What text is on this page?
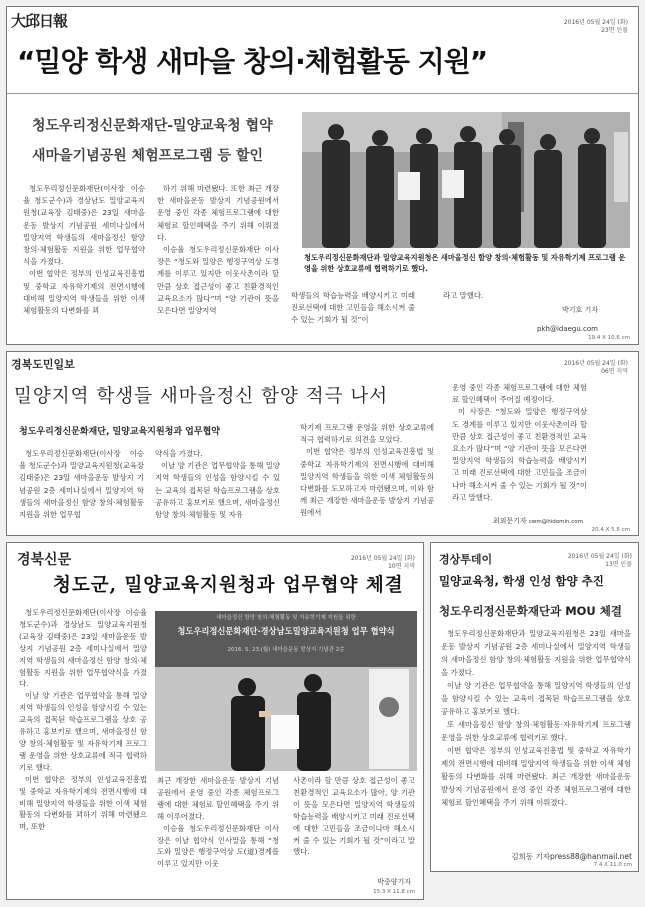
大邱日報	2016년 05월 24일 (화)
23면 인물
“밀양 학생 새마을 창의·체험활동 지원”
청도우리정신문화재단-밀양교육청 협약
새마을기념공원 체험프로그램 등 할인

청도우리정신문화재단(이사장 이승율 청도군수)과 경상남도 밀양교육지원청(교육장 김태중)은 23일 새마을운동 발상지 기념공원 세미나실에서 밀양지역 학생들의 새마을정신 함양 창의·체험활동 지원을 위한 업무협약식을 가졌다.

이번 협약은 정부의 인성교육진흥법 및 중학교 자유학기제의 전면시행에 대비해 밀양지역 학생들을 위한 이색 체험활동의 다변화를 꾀

하기 위해 마련됐다. 또한 최근 개장한 새마을운동 발상지 기념공원에서 운영 중인 각종 체험프로그램에 대한 체험료 할인혜택을 주기 위해 이뤄졌다.

이승율 청도우리정신문화재단 이사장은 “청도와 밀양은 행정구역상 도경계를 이루고 있지만 이웃사촌이라 할 만큼 상호 접근성이 좋고 친환경적인 교육요소가 많다”며 “양 기관이 뜻을 모은다면 밀양지역

청도우리정신문화재단과 밀양교육지원청은 새마을정신 함양 창의·체험활동 및 자유학기제 프로그램 운영을 위한 상호교류에 협력하기로 했다.

학생들의 학습능력을 배양시키고 미래 진로선택에 대한 고민들을 해소시켜 줄 수 있는 기회가 될 것”이

라고 말했다.

박기호 기자
pkh@idaegu.com
19.4 X 10.6 cm
경북도민일보	2016년 05월 24일 (화)
06면 지역
밀양지역 학생들 새마을정신 함양 적극 나서
청도우리정신문화재단, 밀양교육지원청과 업무협약

청도우리정신문화재단(이사장 이승율 청도군수)과 밀양교육지원청(교육장 김태중)은 23일 새마을운동 발상지 기념공원 2층 세미나실에서 밀양지역 학생들의 새마을정신 함양 창의·체험활동 지원을 위한 업무협

약식을 가졌다.

이날 양 기관은 업무협약을 통해 밀양지역 학생들의 인성을 함양시킬 수 있는 교육의 접목된 학습프로그램을 상호 공유하고 홍보키로 했으며, 새마을정신 함양 창의·체험활동 및 자유

학기제 프로그램 운영을 위한 상호교류에 적극 협력하기로 의견을 모았다.

이번 협약은 정부의 인성교육진흥법 및 중학교 자유학기제의 전면시행에 대비해 밀양지역 학생들을 위한 이색 체험활동의 다변화를 도모하고자 마련됐으며, 이와 함께 최근 개장한 새마을운동 발상지 기념공원에서

운영 중인 각종 체험프로그램에 대한 체험료 할인혜택이 주어질 예정이다.

이 사장은 “청도와 밀양은 행정구역상 도 경계를 이루고 있지만 이웃사촌이라 할 만큼 상호 접근성이 좋고 친환경적인 교육요소가 많다”며 “양 기관이 뜻을 모은다면 밀양지역 학생들의 학습능력을 배양시키고 미래 진로선택에 대한 고민들을 조금이나마 해소시켜 줄 수 있는 기회가 될 것”이라고 말했다.

최외문기자 cwm@hidomin.com
20.4 X 5.5 cm
경북신문	2016년 05월 24일 (화)
10면 지역
청도군, 밀양교육지원청과 업무협약 체결

청도우리정신문화재단(이사장 이승율 청도군수)과 경상남도 밀양교육지원청(교육장 김태중)은 23일 새마을운동 발상지 기념공원 2층 세미나실에서 밀양지역 학생들의 새마을정신 함양 창의·체험활동 지원을 위한 업무협약식을 가졌다.

이날 양 기관은 업무협약을 통해 밀양지역 학생들의 인성을 함양시킬 수 있는 교육의 접목된 학습프로그램을 상호 공유하고 홍보키로 했으며, 새마을정신 함양 창의·체험활동 및 자유학기제 프로그램 운영을 위한 상호교류에 적극 협력하기로 했다.

이번 협약은 정부의 인성교육진흥법 및 중학교 자유학기제의 전면시행에 대비해 밀양지역 학생들을 위한 이색 체험활동의 다변화를 꾀하기 위해 마련됐으며, 또한

새마을정신 함양 창의·체험활동 및 자유학기제 지원을 위한
청도우리정신문화재단·경상남도밀양교육지원청 업무 협약식
2016. 5. 23.(월) 새마을운동 발상지 기념관 2층

최근 개장한 새마을운동 발상지 기념공원에서 운영 중인 각종 체험프로그램에 대한 체험료 할인혜택을 주기 위해 이루어졌다.

이승율 청도우리정신문화재단 이사장은 이날 협약식 인사말을 통해 “청도와 밀양은 행정구역상 도(道)경계를 이루고 있지만 이웃

사촌이라 할 만큼 상호 접근성이 좋고 친환경적인 교육요소가 많아, 양 기관이 뜻을 모은다면 밀양지역 학생들의 학습능력을 배양시키고 미래 진로선택에 대한 고민들을 조금이나마 해소시켜 줄 수 있는 기회가 될 것”이라고 말했다.

박중양기자
15.3 X 11.8 cm
경상투데이	2016년 05월 24일 (화)
13면 인물
밀양교육청, 학생 인성 함양 추진
청도우리정신문화재단과 MOU 체결

청도우리정신문화재단과 밀양교육지원청은 23일 새마을운동 발상지 기념공원 2층 세미나실에서 밀양지역 학생들의 새마을정신 함양 창의·체험활동 지원을 위한 업무협약식을 가졌다.

이날 양 기관은 업무협약을 통해 밀양지역 학생들의 인성을 함양시킬 수 있는 교육이 접목된 학습프로그램을 상호 공유하고 홍보키로 했다.

또 새마을정신 함양 창의·체험활동·자유학기제 프로그램 운영을 위한 상호교류에 협력키로 했다.

이번 협약은 정부의 인성교육진흥법 및 중학교 자유학기제의 전면시행에 대비해 밀양지역 학생들을 위한 이색 체험활동의 다변화를 위해 마련됐다. 최근 개장한 새마을운동 발상지 기념공원에서 운영 중인 각종 체험프로그램에 대한 체험료 할인혜택을 주기 위해 이뤄졌다.

김희동 기자press88@hanmail.net
7.4 X 11.0 cm
